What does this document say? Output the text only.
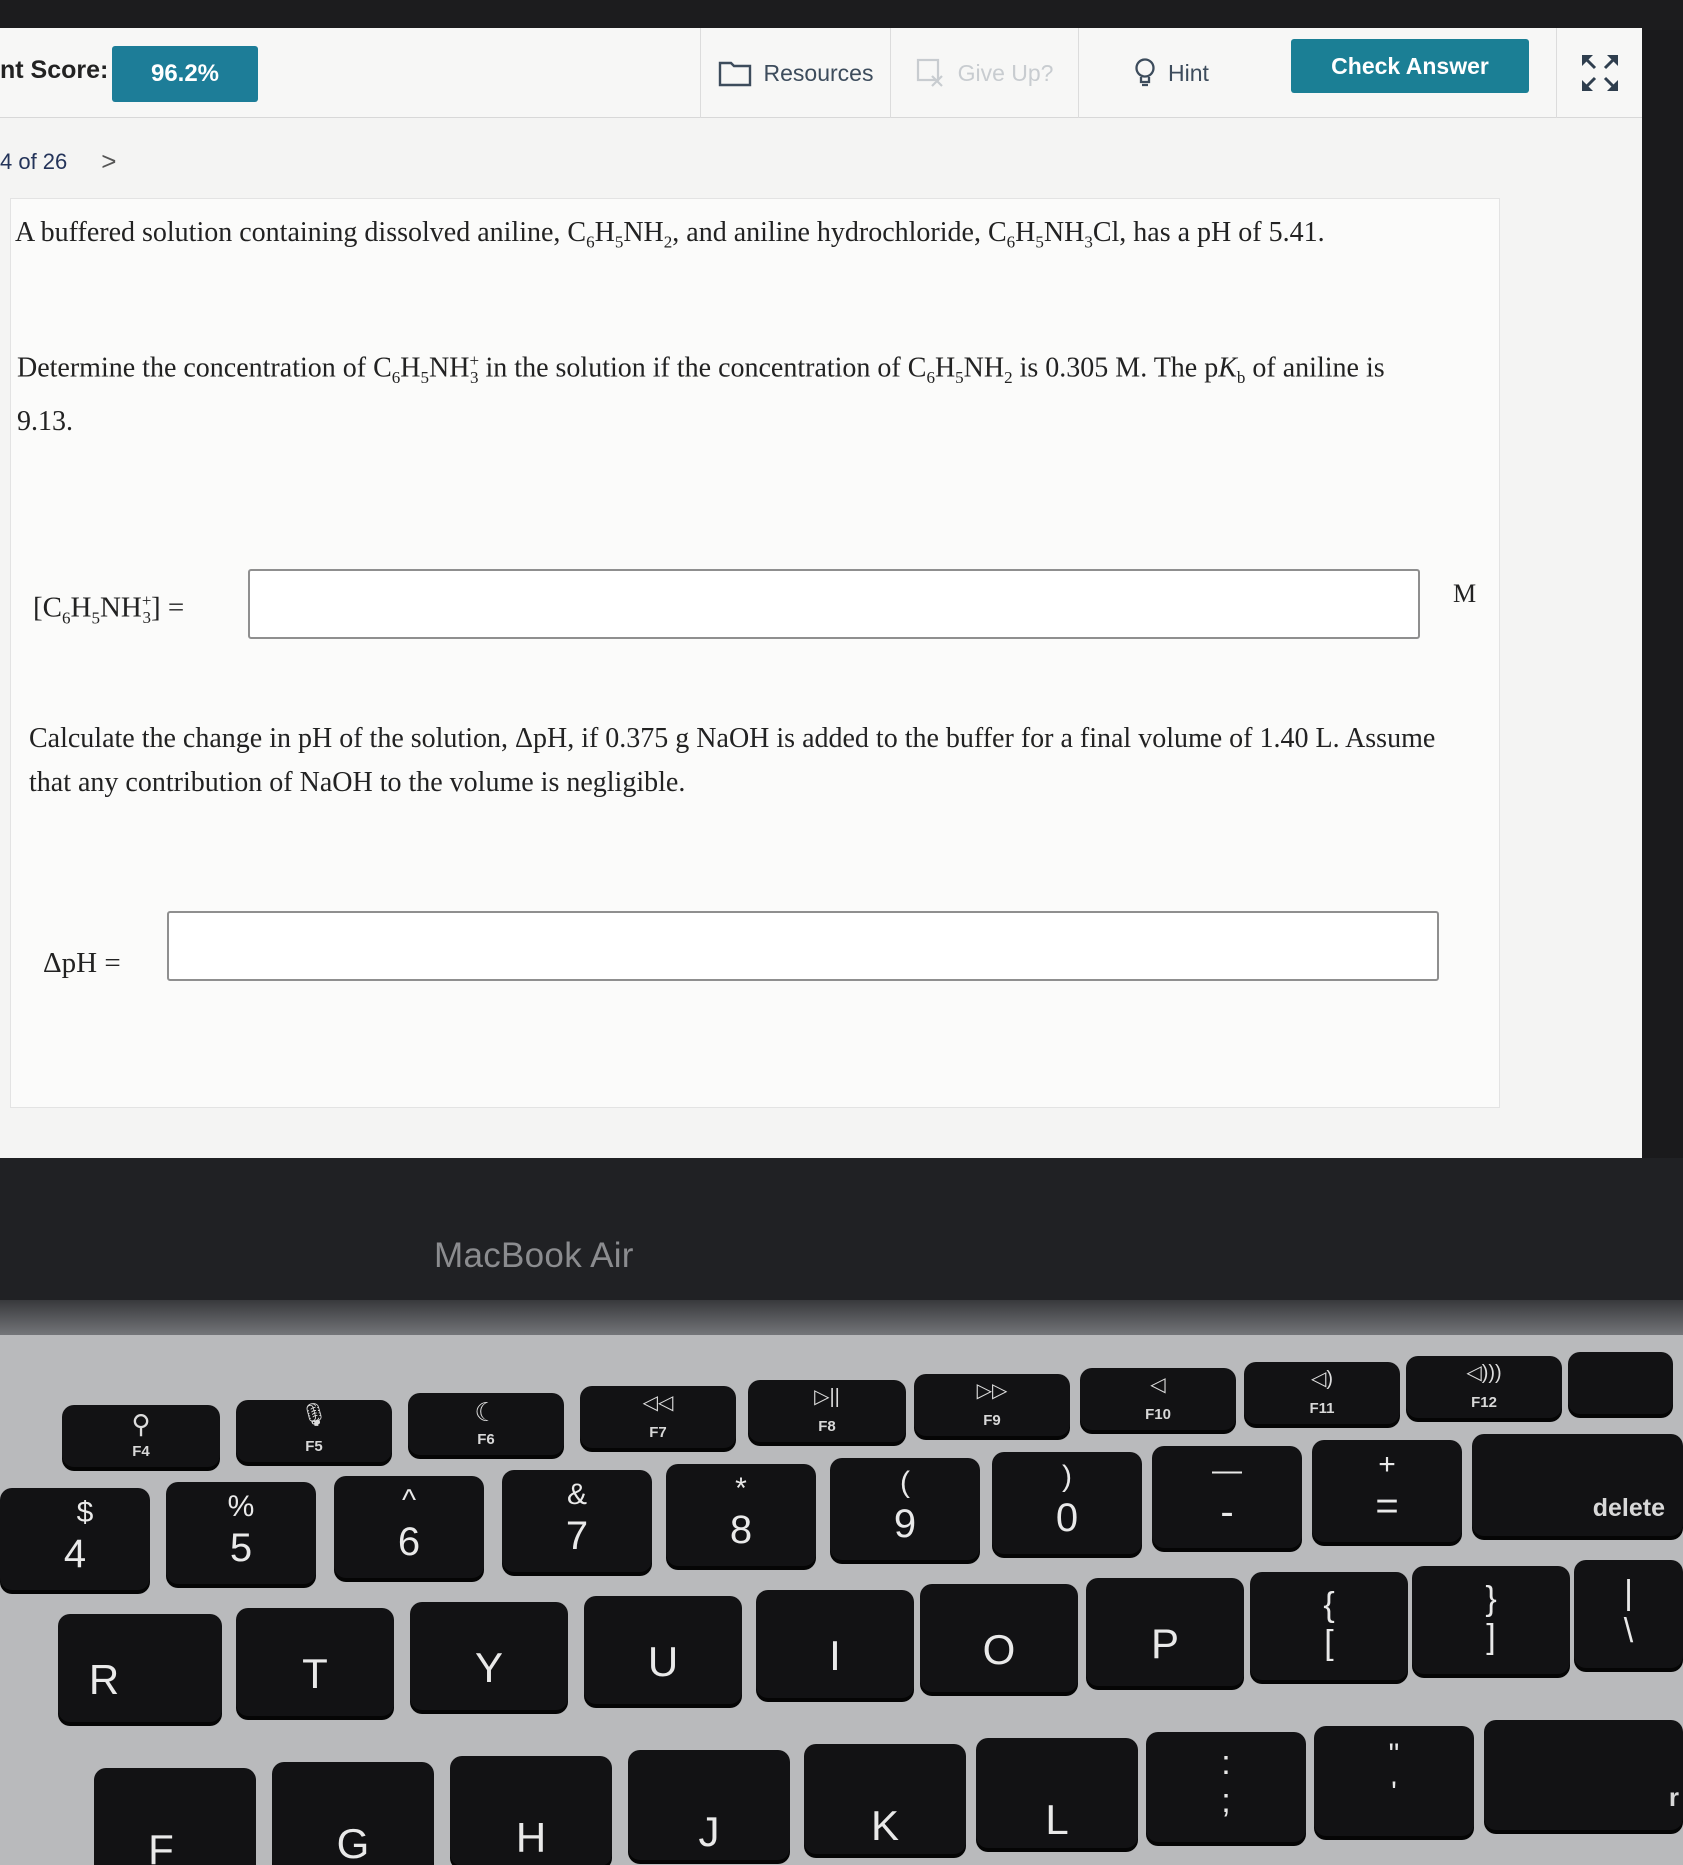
nt Score:	96.2%	Resources	Give Up?	Hint	Check Answer
4 of 26 >
A buffered solution containing dissolved aniline, $C_6H_5NH_2$, and aniline hydrochloride, $C_6H_5NH_3Cl$, has a pH of 5.41.
Determine the concentration of $C_6H_5NH^+_3$ in the solution if the concentration of $C_6H_5NH_2$ is 0.305 M. The $pK_b$ of aniline is
9.13.
$[C_6H_5NH^+_3]$ =	M
Calculate the change in pH of the solution, ΔpH, if 0.375 g NaOH is added to the buffer for a final volume of 1.40 L. Assume
that any contribution of NaOH to the volume is negligible.
ΔpH =
MacBook Air
⚲
F4
🎙
F5
☾
F6
◁◁
F7
▷||
F8
▷▷
F9
◁
F10
◁)
F11
◁)))
F12
$
4
%
5
^
6
&
7
*
8
(
9
)
0
—
-
+
=	delete
R	T	Y	U	I	O	P
{
[
}
]
|
\
F	G	H	J	K	L
:
;
"
'	r
